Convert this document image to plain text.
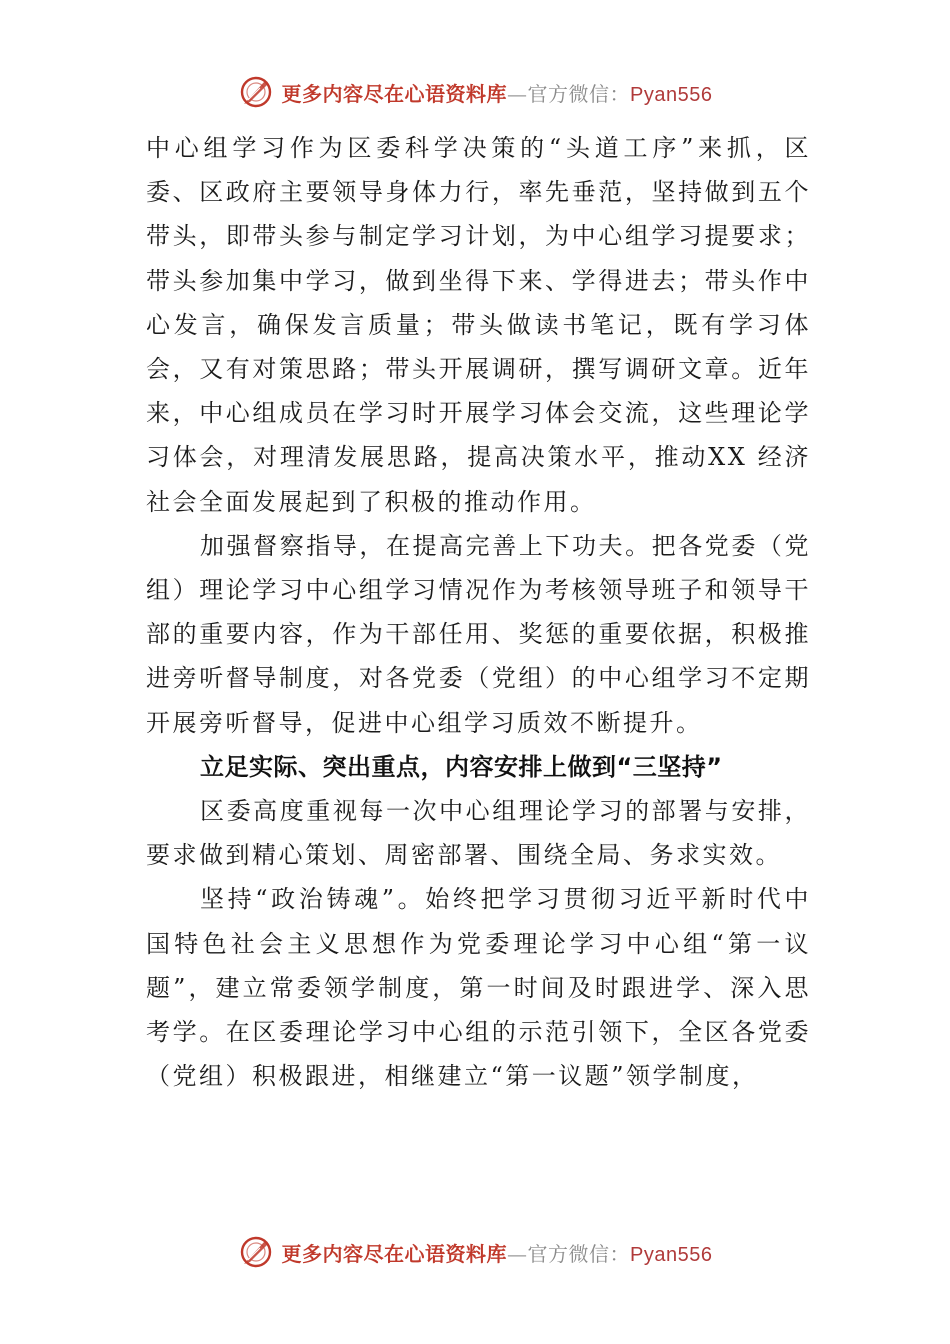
更多内容尽在心语资料库—官方微信：Pyan556

中心组学习作为区委科学决策的“头道工序”来抓，区委、区政府主要领导身体力行，率先垂范，坚持做到五个带头，即带头参与制定学习计划，为中心组学习提要求；带头参加集中学习，做到坐得下来、学得进去；带头作中心发言，确保发言质量；带头做读书笔记，既有学习体会，又有对策思路；带头开展调研，撰写调研文章。近年来，中心组成员在学习时开展学习体会交流，这些理论学习体会，对理清发展思路，提高决策水平，推动XX 经济社会全面发展起到了积极的推动作用。

加强督察指导，在提高完善上下功夫。把各党委（党组）理论学习中心组学习情况作为考核领导班子和领导干部的重要内容，作为干部任用、奖惩的重要依据，积极推进旁听督导制度，对各党委（党组）的中心组学习不定期开展旁听督导，促进中心组学习质效不断提升。

立足实际、突出重点，内容安排上做到“三坚持”

区委高度重视每一次中心组理论学习的部署与安排，要求做到精心策划、周密部署、围绕全局、务求实效。

坚持“政治铸魂”。始终把学习贯彻习近平新时代中国特色社会主义思想作为党委理论学习中心组“第一议题”，建立常委领学制度，第一时间及时跟进学、深入思考学。在区委理论学习中心组的示范引领下，全区各党委（党组）积极跟进，相继建立“第一议题”领学制度，

更多内容尽在心语资料库—官方微信：Pyan556
